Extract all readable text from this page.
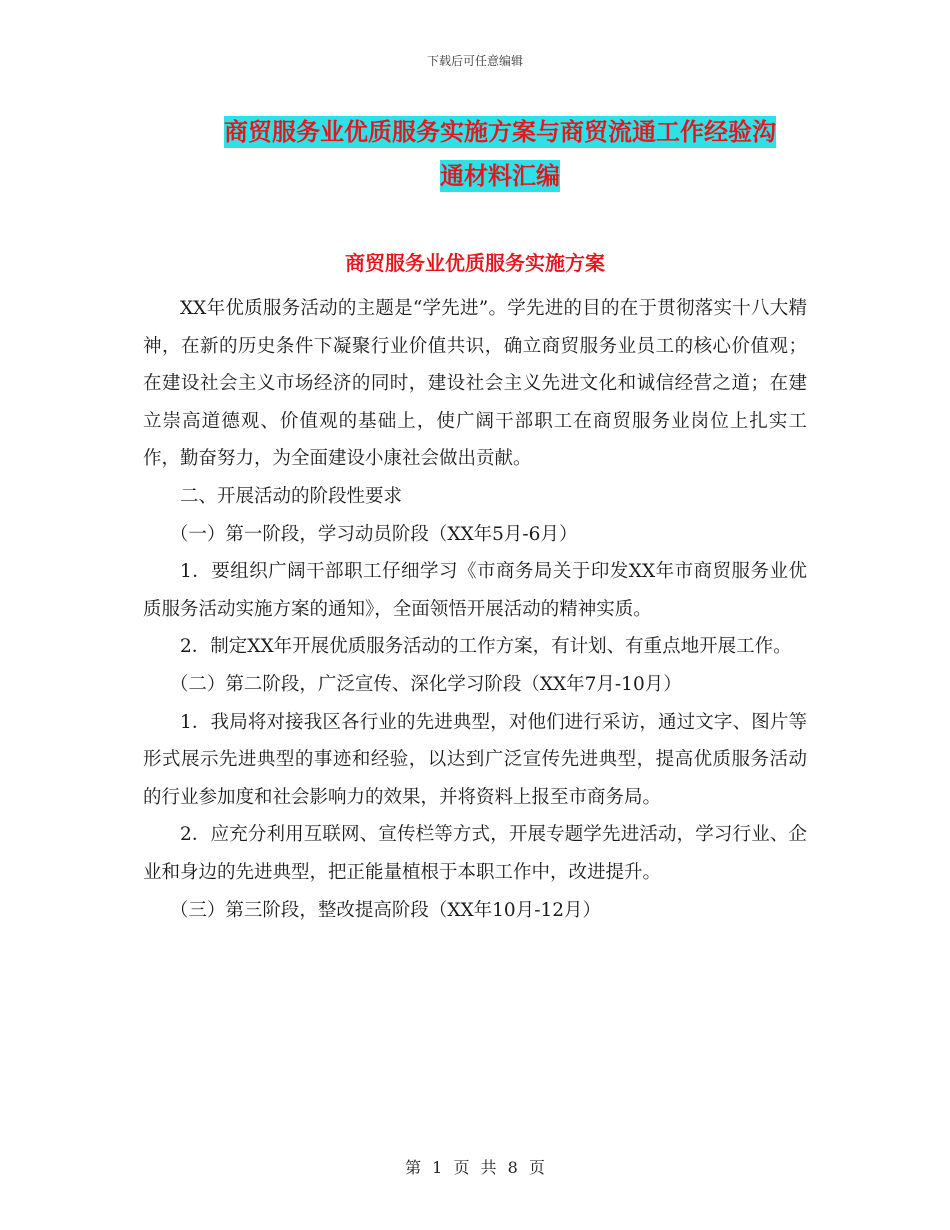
下载后可任意编辑
商贸服务业优质服务实施方案与商贸流通工作经验沟
通材料汇编
商贸服务业优质服务实施方案

XX年优质服务活动的主题是“学先进”。学先进的目的在于贯彻落实十八大精神，在新的历史条件下凝聚行业价值共识，确立商贸服务业员工的核心价值观；在建设社会主义市场经济的同时，建设社会主义先进文化和诚信经营之道；在建立崇高道德观、价值观的基础上，使广阔干部职工在商贸服务业岗位上扎实工作，勤奋努力，为全面建设小康社会做出贡献。

二、开展活动的阶段性要求

（一）第一阶段，学习动员阶段（XX年5月-6月）

1．要组织广阔干部职工仔细学习《市商务局关于印发XX年市商贸服务业优质服务活动实施方案的通知》，全面领悟开展活动的精神实质。

2．制定XX年开展优质服务活动的工作方案，有计划、有重点地开展工作。

（二）第二阶段，广泛宣传、深化学习阶段（XX年7月-10月）

1．我局将对接我区各行业的先进典型，对他们进行采访，通过文字、图片等形式展示先进典型的事迹和经验，以达到广泛宣传先进典型，提高优质服务活动的行业参加度和社会影响力的效果，并将资料上报至市商务局。

2．应充分利用互联网、宣传栏等方式，开展专题学先进活动，学习行业、企业和身边的先进典型，把正能量植根于本职工作中，改进提升。

（三）第三阶段，整改提高阶段（XX年10月-12月）

第 1 页 共 8 页
